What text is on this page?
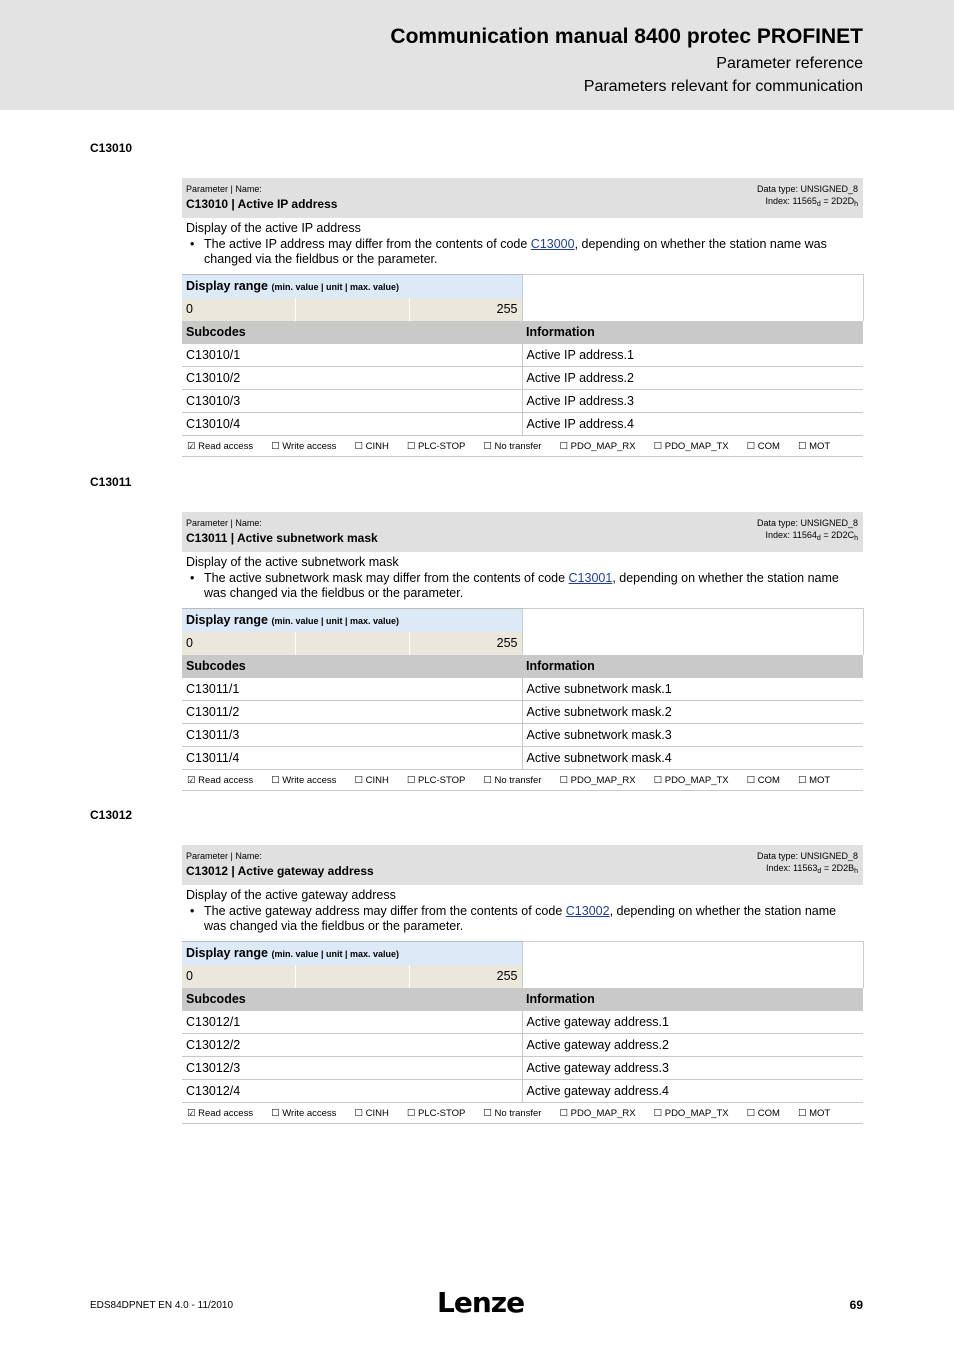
Communication manual 8400 protec PROFINET
Parameter reference
Parameters relevant for communication
C13010
Parameter | Name:
C13010 | Active IP address
Data type: UNSIGNED_8
Index: $11565_d = 2D2D_h$
Display of the active IP address
• The active IP address may differ from the contents of code C13000, depending on whether the station name was changed via the fieldbus or the parameter.
Display range (min. value | unit | max. value)			
0		255	
Subcodes			Information
C13010/1			Active IP address.1
C13010/2			Active IP address.2
C13010/3			Active IP address.3
C13010/4			Active IP address.4
☑ Read access	☐ Write access	☐ CINH	☐ PLC-STOP	☐ No transfer	☐ PDO_MAP_RX	☐ PDO_MAP_TX	☐ COM	☐ MOT
C13011
Parameter | Name:
C13011 | Active subnetwork mask
Data type: UNSIGNED_8
Index: $11564_d = 2D2C_h$
Display of the active subnetwork mask
• The active subnetwork mask may differ from the contents of code C13001, depending on whether the station name was changed via the fieldbus or the parameter.
Display range (min. value | unit | max. value)			
0		255	
Subcodes			Information
C13011/1			Active subnetwork mask.1
C13011/2			Active subnetwork mask.2
C13011/3			Active subnetwork mask.3
C13011/4			Active subnetwork mask.4
☑ Read access	☐ Write access	☐ CINH	☐ PLC-STOP	☐ No transfer	☐ PDO_MAP_RX	☐ PDO_MAP_TX	☐ COM	☐ MOT
C13012
Parameter | Name:
C13012 | Active gateway address
Data type: UNSIGNED_8
Index: $11563_d = 2D2B_h$
Display of the active gateway address
• The active gateway address may differ from the contents of code C13002, depending on whether the station name was changed via the fieldbus or the parameter.
Display range (min. value | unit | max. value)			
0		255	
Subcodes			Information
C13012/1			Active gateway address.1
C13012/2			Active gateway address.2
C13012/3			Active gateway address.3
C13012/4			Active gateway address.4
☑ Read access	☐ Write access	☐ CINH	☐ PLC-STOP	☐ No transfer	☐ PDO_MAP_RX	☐ PDO_MAP_TX	☐ COM	☐ MOT
EDS84DPNET EN 4.0 - 11/2010	Lenze	69
